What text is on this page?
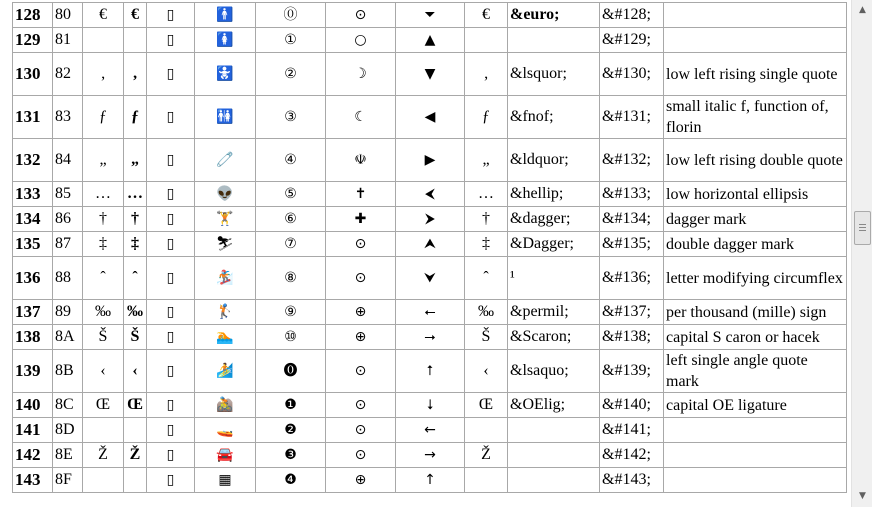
128	80	€	€	▯	🚹	⓪	⊙	⏷	€	&euro;	&#128;	
129	81			▯	🚺	①	○	▲			&#129;	
130	82	‚	‚	▯	🚼	②	☽	▼	‚	&lsquor;	&#130;	low left rising single quote
131	83	ƒ	ƒ	▯	🚻	③	☾	◀	ƒ	&fnof;	&#131;	small italic f, function of, florin
132	84	„	„	▯	🧷	④	☫	▶	„	&ldquor;	&#132;	low left rising double quote
133	85	…	…	▯	👽	⑤	✝	⮜	…	&hellip;	&#133;	low horizontal ellipsis
134	86	†	†	▯	🏋	⑥	✚	⮞	†	&dagger;	&#134;	dagger mark
135	87	‡	‡	▯	⛷	⑦	⊙	⮝	‡	&Dagger;	&#135;	double dagger mark
136	88	ˆ	ˆ	▯	🏂	⑧	⊙	⮟	ˆ	¹	&#136;	letter modifying circumflex
137	89	‰	‰	▯	🏌	⑨	⊕	⭠	‰	&permil;	&#137;	per thousand (mille) sign
138	8A	Š	Š	▯	🏊	⑩	⊕	⭢	Š	&Scaron;	&#138;	capital S caron or hacek
139	8B	‹	‹	▯	🏄	⓿	⊙	⭡	‹	&lsaquo;	&#139;	left single angle quote mark
140	8C	Œ	Œ	▯	🚵	❶	⊙	⭣	Œ	&OElig;	&#140;	capital OE ligature
141	8D			▯	🚤	❷	⊙	←			&#141;	
142	8E	Ž	Ž	▯	🚘	❸	⊙	→	Ž		&#142;	
143	8F			▯	▦	❹	⊕	↑			&#143;	
▲
▼
